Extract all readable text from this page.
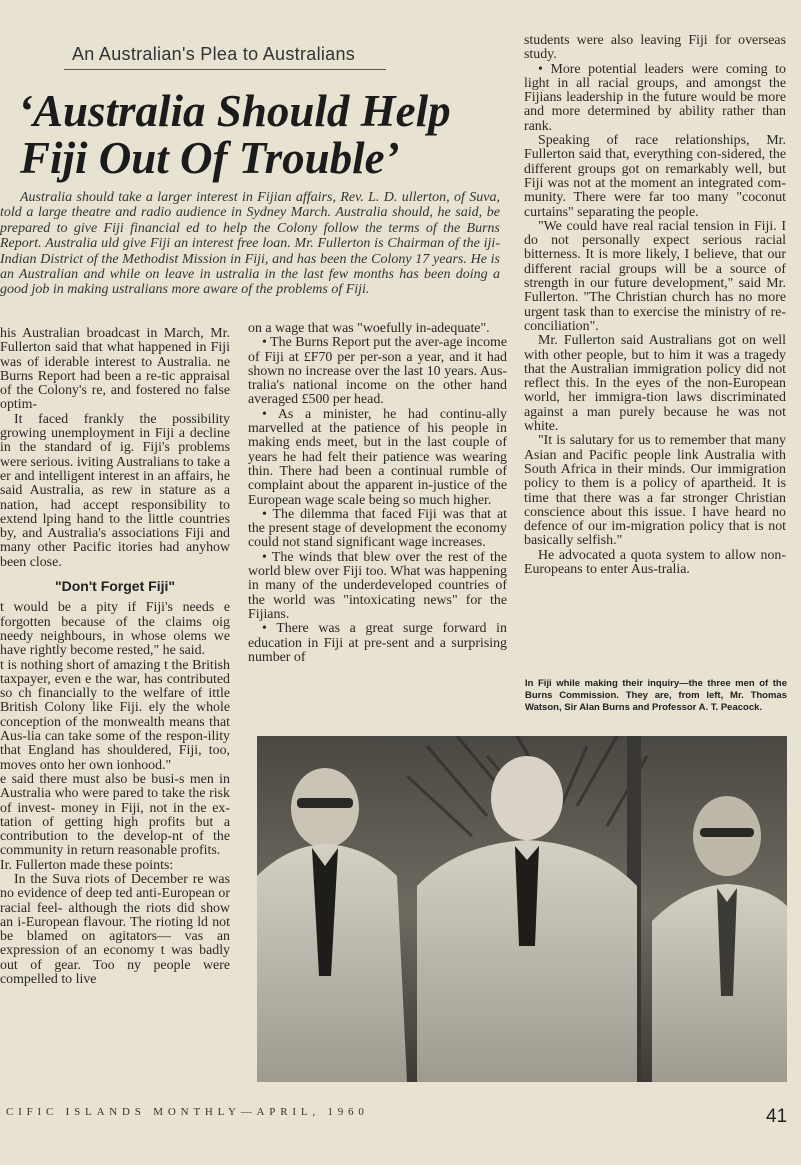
An Australian's Plea to Australians
‘Australia Should Help
Fiji Out Of Trouble’
Australia should take a larger interest in Fijian affairs, Rev. L. D. ullerton, of Suva, told a large theatre and radio audience in Sydney March. Australia should, he said, be prepared to give Fiji financial ed to help the Colony follow the terms of the Burns Report. Australia uld give Fiji an interest free loan. Mr. Fullerton is Chairman of the iji-Indian District of the Methodist Mission in Fiji, and has been the Colony 17 years. He is an Australian and while on leave in ustralia in the last few months has been doing a good job in making ustralians more aware of the problems of Fiji.

his Australian broadcast in March, Mr. Fullerton said that what happened in Fiji was of iderable interest to Australia. ne Burns Report had been a re-tic appraisal of the Colony's re, and fostered no false optim-

It faced frankly the possibility growing unemployment in Fiji a decline in the standard of ig. Fiji's problems were serious. iviting Australians to take a er and intelligent interest in an affairs, he said Australia, as rew in stature as a nation, had accept responsibility to extend lping hand to the little countries by, and Australia's associations Fiji and many other Pacific itories had anyhow been close.

"Don't Forget Fiji"

t would be a pity if Fiji's needs e forgotten because of the claims oig needy neighbours, in whose olems we have rightly become rested," he said.

t is nothing short of amazing t the British taxpayer, even e the war, has contributed so ch financially to the welfare of ittle British Colony like Fiji. ely the whole conception of the monwealth means that Aus-lia can take some of the respon-ility that England has shouldered, Fiji, too, moves onto her own ionhood."

e said there must also be busi-s men in Australia who were pared to take the risk of invest- money in Fiji, not in the ex-tation of getting high profits but a contribution to the develop-nt of the community in return reasonable profits.

Ir. Fullerton made these points:

In the Suva riots of December re was no evidence of deep ted anti-European or racial feel- although the riots did show an i-European flavour. The rioting ld not be blamed on agitators— vas an expression of an economy t was badly out of gear. Too ny people were compelled to live

on a wage that was "woefully in-adequate".

• The Burns Report put the aver-age income of Fiji at £F70 per per-son a year, and it had shown no increase over the last 10 years. Aus-tralia's national income on the other hand averaged £500 per head.

• As a minister, he had continu-ally marvelled at the patience of his people in making ends meet, but in the last couple of years he had felt their patience was wearing thin. There had been a continual rumble of complaint about the apparent in-justice of the European wage scale being so much higher.

• The dilemma that faced Fiji was that at the present stage of development the economy could not stand significant wage increases.

• The winds that blew over the rest of the world blew over Fiji too. What was happening in many of the underdeveloped countries of the world was "intoxicating news" for the Fijians.

• There was a great surge forward in education in Fiji at pre-sent and a surprising number of

students were also leaving Fiji for overseas study.

• More potential leaders were coming to light in all racial groups, and amongst the Fijians leadership in the future would be more and more determined by ability rather than rank.

Speaking of race relationships, Mr. Fullerton said that, everything con-sidered, the different groups got on remarkably well, but Fiji was not at the moment an integrated com-munity. There were far too many "coconut curtains" separating the people.

"We could have real racial tension in Fiji. I do not personally expect serious racial bitterness. It is more likely, I believe, that our different racial groups will be a source of strength in our future development," said Mr. Fullerton. "The Christian church has no more urgent task than to exercise the ministry of re-conciliation".

Mr. Fullerton said Australians got on well with other people, but to him it was a tragedy that the Australian immigration policy did not reflect this. In the eyes of the non-European world, her immigra-tion laws discriminated against a man purely because he was not white.

"It is salutary for us to remember that many Asian and Pacific people link Australia with South Africa in their minds. Our immigration policy to them is a policy of apartheid. It is time that there was a far stronger Christian conscience about this issue. I have heard no defence of our im-migration policy that is not basically selfish."

He advocated a quota system to allow non-Europeans to enter Aus-tralia.

In Fiji while making their inquiry—the three men of the Burns Commission. They are, from left, Mr. Thomas Watson, Sir Alan Burns and Professor A. T. Peacock.
CIFIC ISLANDS MONTHLY—APRIL, 1960	41
